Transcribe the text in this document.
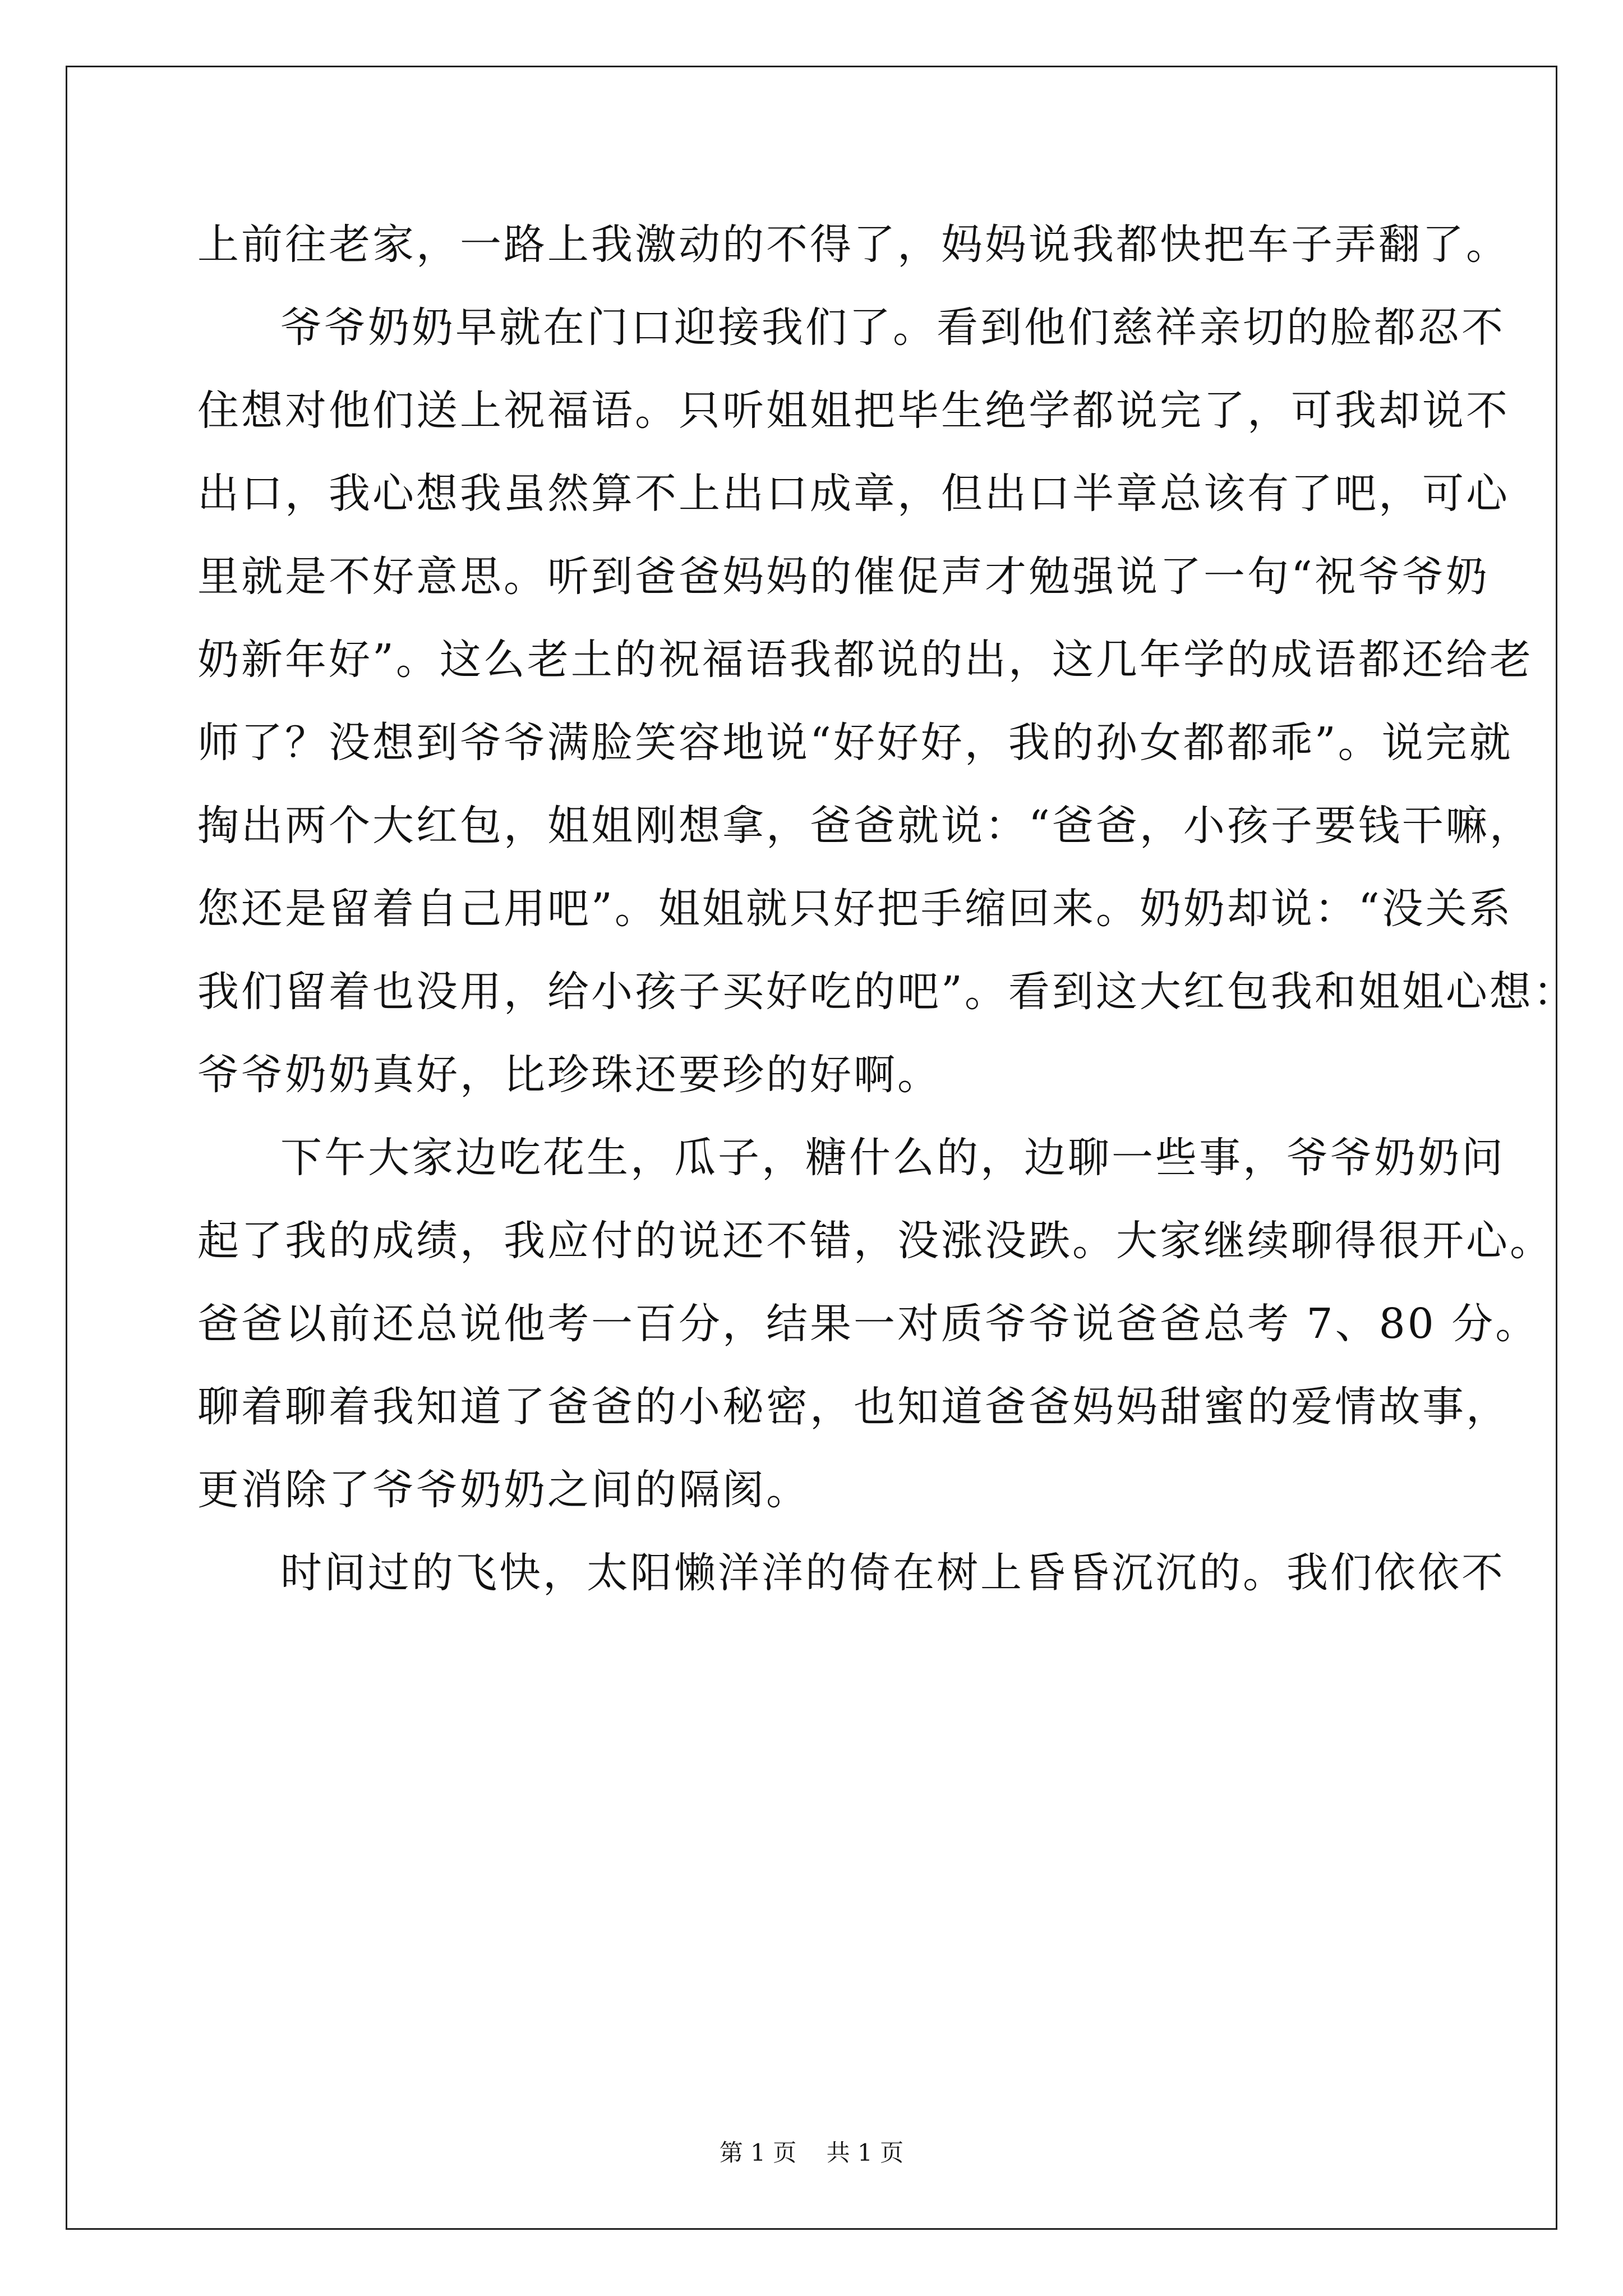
上前往老家，一路上我激动的不得了，妈妈说我都快把车子弄翻了。
爷爷奶奶早就在门口迎接我们了。看到他们慈祥亲切的脸都忍不
住想对他们送上祝福语。只听姐姐把毕生绝学都说完了，可我却说不
出口，我心想我虽然算不上出口成章，但出口半章总该有了吧，可心
里就是不好意思。听到爸爸妈妈的催促声才勉强说了一句“祝爷爷奶
奶新年好”。这么老土的祝福语我都说的出，这几年学的成语都还给老
师了？没想到爷爷满脸笑容地说“好好好，我的孙女都都乖”。说完就
掏出两个大红包，姐姐刚想拿，爸爸就说：“爸爸，小孩子要钱干嘛，
您还是留着自己用吧”。姐姐就只好把手缩回来。奶奶却说：“没关系
我们留着也没用，给小孩子买好吃的吧”。看到这大红包我和姐姐心想：
爷爷奶奶真好，比珍珠还要珍的好啊。
下午大家边吃花生，瓜子，糖什么的，边聊一些事，爷爷奶奶问
起了我的成绩，我应付的说还不错，没涨没跌。大家继续聊得很开心。
爸爸以前还总说他考一百分，结果一对质爷爷说爸爸总考 7、80 分。
聊着聊着我知道了爸爸的小秘密，也知道爸爸妈妈甜蜜的爱情故事，
更消除了爷爷奶奶之间的隔阂。
时间过的飞快，太阳懒洋洋的倚在树上昏昏沉沉的。我们依依不
第 1 页 共 1 页
